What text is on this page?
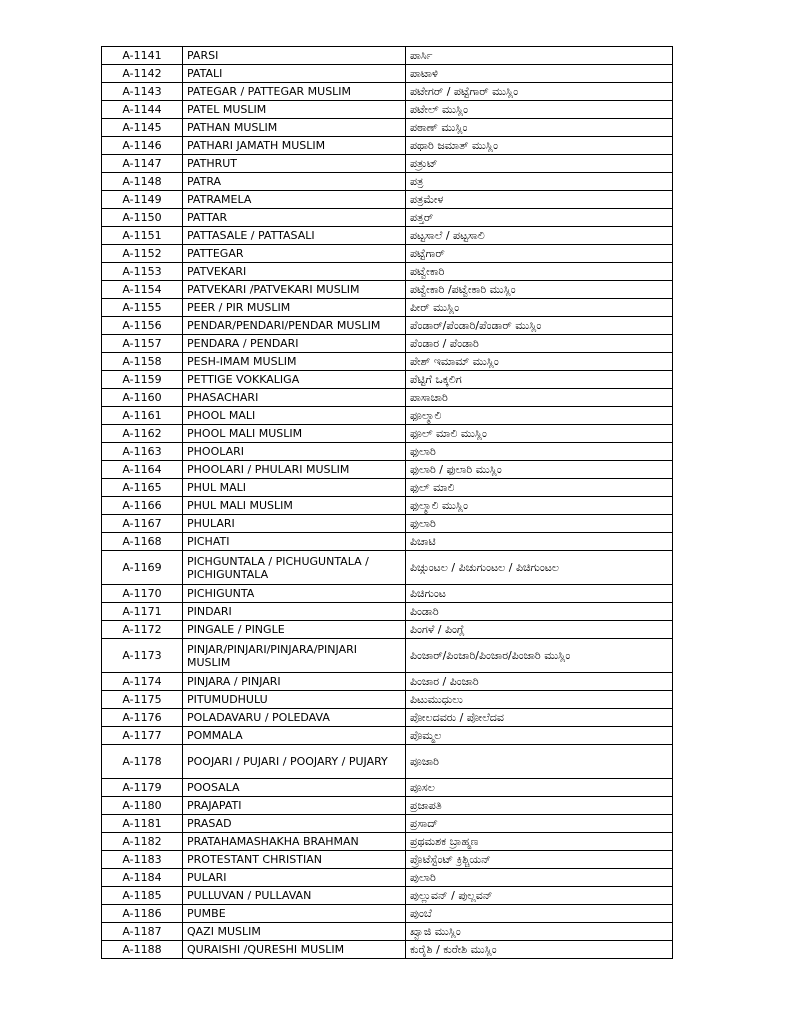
A-1141	PARSI	ಪಾರ್ಸಿ
A-1142	PATALI	ಪಾಟಾಳಿ
A-1143	PATEGAR / PATTEGAR MUSLIM	ಪಟೇಗರ್ / ಪಟ್ಟೆಗಾರ್ ಮುಸ್ಲಿಂ
A-1144	PATEL MUSLIM	ಪಟೇಲ್ ಮುಸ್ಲಿಂ
A-1145	PATHAN MUSLIM	ಪಠಾಣ್ ಮುಸ್ಲಿಂ
A-1146	PATHARI JAMATH MUSLIM	ಪಥಾರಿ ಜಮಾತ್ ಮುಸ್ಲಿಂ
A-1147	PATHRUT	ಪತ್ರುಟ್
A-1148	PATRA	ಪತ್ರ
A-1149	PATRAMELA	ಪತ್ರಮೇಳ
A-1150	PATTAR	ಪತ್ತರ್
A-1151	PATTASALE / PATTASALI	ಪಟ್ಟಸಾಲೆ / ಪಟ್ಟಸಾಲಿ
A-1152	PATTEGAR	ಪಟ್ಟೆಗಾರ್
A-1153	PATVEKARI	ಪಟ್ವೇಕಾರಿ
A-1154	PATVEKARI /PATVEKARI MUSLIM	ಪಟ್ವೇಕಾರಿ /ಪಟ್ವೇಕಾರಿ ಮುಸ್ಲಿಂ
A-1155	PEER / PIR MUSLIM	ಪೀರ್ ಮುಸ್ಲಿಂ
A-1156	PENDAR/PENDARI/PENDAR MUSLIM	ಪೆಂಡಾರ್/ಪೆಂಡಾರಿ/ಪೆಂಡಾರ್ ಮುಸ್ಲಿಂ
A-1157	PENDARA / PENDARI	ಪೆಂಡಾರ / ಪೆಂಡಾರಿ
A-1158	PESH-IMAM MUSLIM	ಪೇಶ್ ಇಮಾಮ್ ಮುಸ್ಲಿಂ
A-1159	PETTIGE VOKKALIGA	ಪೆಟ್ಟಿಗೆ ಒಕ್ಕಲಿಗ
A-1160	PHASACHARI	ಪಾಸಾಚಾರಿ
A-1161	PHOOL MALI	ಫೂಲ್ಮಾಲಿ
A-1162	PHOOL MALI MUSLIM	ಫೂಲ್ ಮಾಲಿ ಮುಸ್ಲಿಂ
A-1163	PHOOLARI	ಫುಲಾರಿ
A-1164	PHOOLARI / PHULARI MUSLIM	ಫುಲಾರಿ / ಫುಲಾರಿ ಮುಸ್ಲಿಂ
A-1165	PHUL MALI	ಫುಲ್ ಮಾಲಿ
A-1166	PHUL MALI MUSLIM	ಫುಲ್ಮಾಲಿ ಮುಸ್ಲಿಂ
A-1167	PHULARI	ಫುಲಾರಿ
A-1168	PICHATI	ಪಿಚಾಟಿ
A-1169	PICHGUNTALA / PICHUGUNTALA / PICHIGUNTALA	ಪಿಚ್ಗುಂಟಲ / ಪಿಚುಗುಂಟಲ / ಪಿಚಿಗುಂಟಲ
A-1170	PICHIGUNTA	ಪಿಚಿಗುಂಟ
A-1171	PINDARI	ಪಿಂಡಾರಿ
A-1172	PINGALE / PINGLE	ಪಿಂಗಳೆ / ಪಿಂಗ್ಲೆ
A-1173	PINJAR/PINJARI/PINJARA/PINJARI MUSLIM	ಪಿಂಜಾರ್/ಪಿಂಜಾರಿ/ಪಿಂಜಾರ/ಪಿಂಜಾರಿ ಮುಸ್ಲಿಂ
A-1174	PINJARA / PINJARI	ಪಿಂಜಾರ / ಪಿಂಜಾರಿ
A-1175	PITUMUDHULU	ಪಿಟುಮುಧುಲು
A-1176	POLADAVARU / POLEDAVA	ಪೋಲದವರು / ಪೋಲೆದವ
A-1177	POMMALA	ಪೊಮ್ಮಲ
A-1178	POOJARI / PUJARI / POOJARY / PUJARY	ಪೂಜಾರಿ
A-1179	POOSALA	ಪೂಸಲ
A-1180	PRAJAPATI	ಪ್ರಜಾಪತಿ
A-1181	PRASAD	ಪ್ರಸಾದ್
A-1182	PRATAHAMASHAKHA BRAHMAN	ಪ್ರಥಮಶಕ ಬ್ರಾಹ್ಮಣ
A-1183	PROTESTANT CHRISTIAN	ಪ್ರೊಟೆಸ್ಟೆಂಟ್ ಕ್ರಿಶ್ಚಿಯನ್
A-1184	PULARI	ಪುಲಾರಿ
A-1185	PULLUVAN / PULLAVAN	ಪುಲ್ಲುವನ್ / ಪುಲ್ಲವನ್
A-1186	PUMBE	ಪುಂಬೆ
A-1187	QAZI MUSLIM	ಖ್ವಾಜಿ ಮುಸ್ಲಿಂ
A-1188	QURAISHI /QURESHI MUSLIM	ಕುರೈಶಿ / ಕುರೇಶಿ ಮುಸ್ಲಿಂ
